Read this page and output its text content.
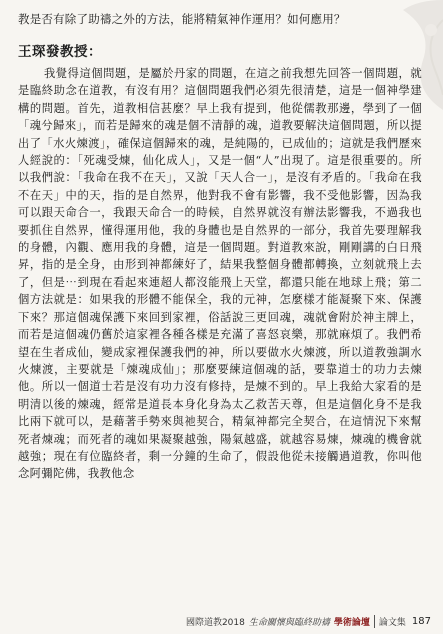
教是否有除了助禱之外的方法，能將精氣神作運用？如何應用？

王琛發教授：

我覺得這個問題，是屬於丹家的問題，在這之前我想先回答一個問題，就是臨終助念在道教，有沒有用？這個問題我們必須先很清楚，這是一個神學建構的問題。首先，道教相信甚麼？早上我有提到，他從儒教那邊，學到了一個「魂兮歸來」，而若是歸來的魂是個不清靜的魂，道教要解決這個問題，所以提出了「水火煉渡」，確保這個歸來的魂，是純陽的，已成仙的；這就是我們歷來人經說的：「死魂受煉，仙化成人」，又是一個“人”出現了。這是很重要的。所以我們說：「我命在我不在天」，又說「天人合一」，是沒有矛盾的。「我命在我不在天」中的天，指的是自然界，他對我不會有影響，我不受他影響，因為我可以跟天命合一，我跟天命合一的時候，自然界就沒有辦法影響我，不過我也要抓住自然界，懂得運用他，我的身體也是自然界的一部分，我首先要理解我的身體，內觀、應用我的身體，這是一個問題。對道教來說，剛剛講的白日飛昇，指的是全身，由形到神都練好了，結果我整個身體都轉換，立刻就飛上去了，但是⋯到現在看起來連超人都沒能飛上天堂，都還只能在地球上飛；第二個方法就是：如果我的形體不能保全，我的元神，怎麼樣才能凝聚下來、保護下來？那這個魂保護下來回到家裡，俗話說三更回魂，魂就會附於神主牌上，而若是這個魂仍舊於這家裡各種各樣是充滿了喜怒哀樂，那就麻煩了。我們希望在生者成仙，變成家裡保護我們的神，所以要做水火煉渡，所以道教強調水火煉渡，主要就是「煉魂成仙」；那麼要練這個魂的話，要靠道士的功力去煉他。所以一個道士若是沒有功力沒有修持，是煉不到的。早上我給大家看的是明清以後的煉魂，經常是道長本身化身為太乙救苦天尊，但是這個化身不是我比兩下就可以，是藉著手勢來與祂契合，精氣神都完全契合，在這情況下來幫死者煉魂；而死者的魂如果凝聚越強，陽氣越盛，就越容易煉，煉魂的機會就越強；現在有位臨終者，剩一分鐘的生命了，假設他從未接觸過道教，你叫他念阿彌陀佛，我教他念

國際道教2018 生命關懷與臨終助禱 學術論壇	論文集 187
